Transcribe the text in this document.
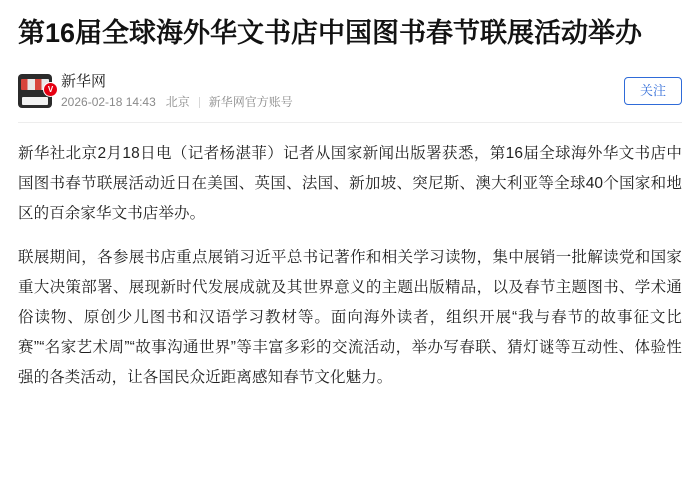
第16届全球海外华文书店中国图书春节联展活动举办
V 新华网
2026-02-18 14:43 北京 新华网官方账号
关注

新华社北京2月18日电（记者杨湛菲）记者从国家新闻出版署获悉，第16届全球海外华文书店中国图书春节联展活动近日在美国、英国、法国、新加坡、突尼斯、澳大利亚等全球40个国家和地区的百余家华文书店举办。

联展期间，各参展书店重点展销习近平总书记著作和相关学习读物，集中展销一批解读党和国家重大决策部署、展现新时代发展成就及其世界意义的主题出版精品，以及春节主题图书、学术通俗读物、原创少儿图书和汉语学习教材等。面向海外读者，组织开展“我与春节的故事征文比赛”“名家艺术周”“故事沟通世界”等丰富多彩的交流活动，举办写春联、猜灯谜等互动性、体验性强的各类活动，让各国民众近距离感知春节文化魅力。
